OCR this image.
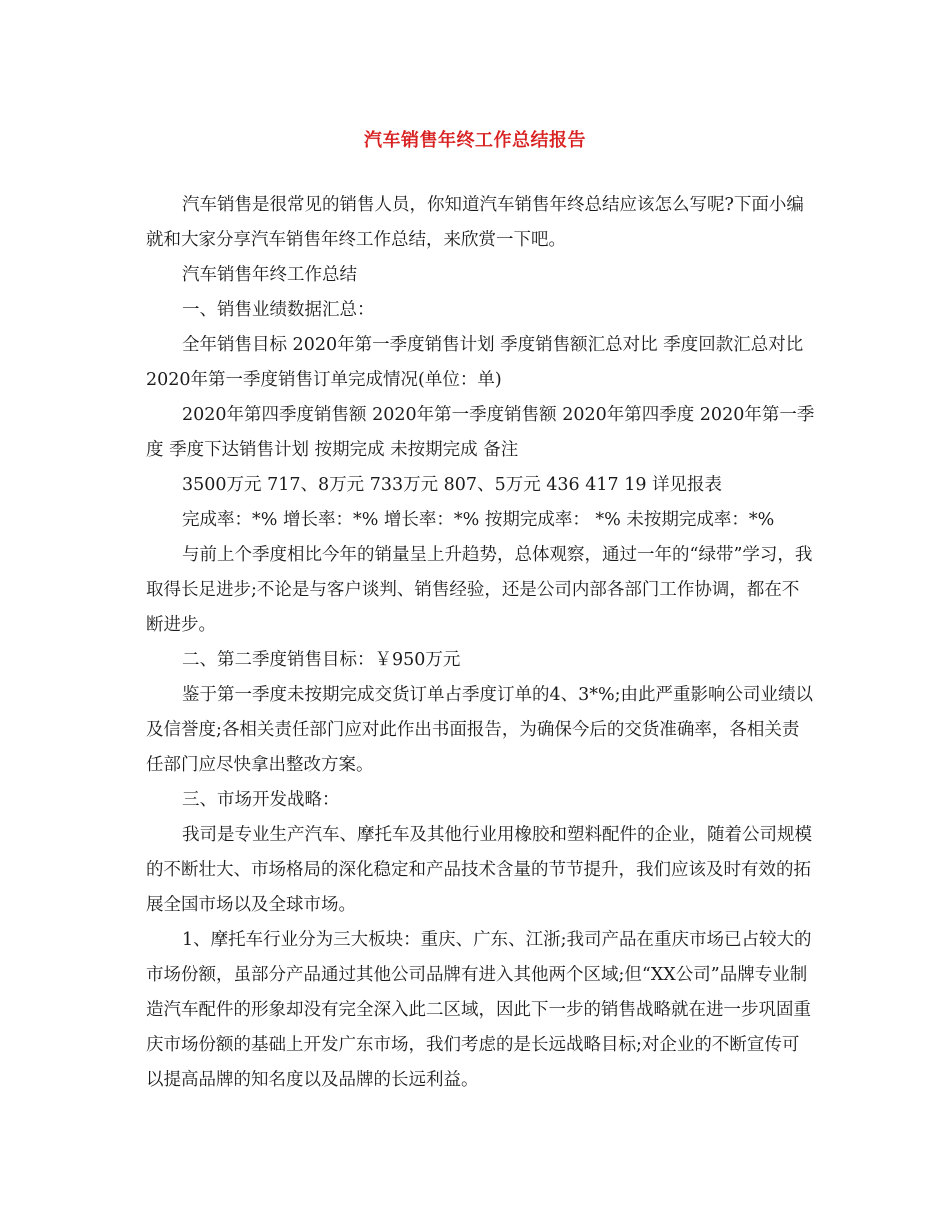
汽车销售年终工作总结报告

汽车销售是很常见的销售人员，你知道汽车销售年终总结应该怎么写呢?下面小编就和大家分享汽车销售年终工作总结，来欣赏一下吧。

汽车销售年终工作总结

一、销售业绩数据汇总：

全年销售目标 2020年第一季度销售计划 季度销售额汇总对比 季度回款汇总对比 2020年第一季度销售订单完成情况(单位：单)

2020年第四季度销售额 2020年第一季度销售额 2020年第四季度 2020年第一季度 季度下达销售计划 按期完成 未按期完成 备注

3500万元 717、8万元 733万元 807、5万元 436 417 19 详见报表

完成率：*% 增长率：*% 增长率：*% 按期完成率： *% 未按期完成率：*%

与前上个季度相比今年的销量呈上升趋势，总体观察，通过一年的“绿带”学习，我取得长足进步;不论是与客户谈判、销售经验，还是公司内部各部门工作协调，都在不断进步。

二、第二季度销售目标：￥950万元

鉴于第一季度未按期完成交货订单占季度订单的4、3*%;由此严重影响公司业绩以及信誉度;各相关责任部门应对此作出书面报告，为确保今后的交货准确率，各相关责任部门应尽快拿出整改方案。

三、市场开发战略：

我司是专业生产汽车、摩托车及其他行业用橡胶和塑料配件的企业，随着公司规模的不断壮大、市场格局的深化稳定和产品技术含量的节节提升，我们应该及时有效的拓展全国市场以及全球市场。

1、摩托车行业分为三大板块：重庆、广东、江浙;我司产品在重庆市场已占较大的市场份额，虽部分产品通过其他公司品牌有进入其他两个区域;但“XX公司”品牌专业制造汽车配件的形象却没有完全深入此二区域，因此下一步的销售战略就在进一步巩固重庆市场份额的基础上开发广东市场，我们考虑的是长远战略目标;对企业的不断宣传可以提高品牌的知名度以及品牌的长远利益。
